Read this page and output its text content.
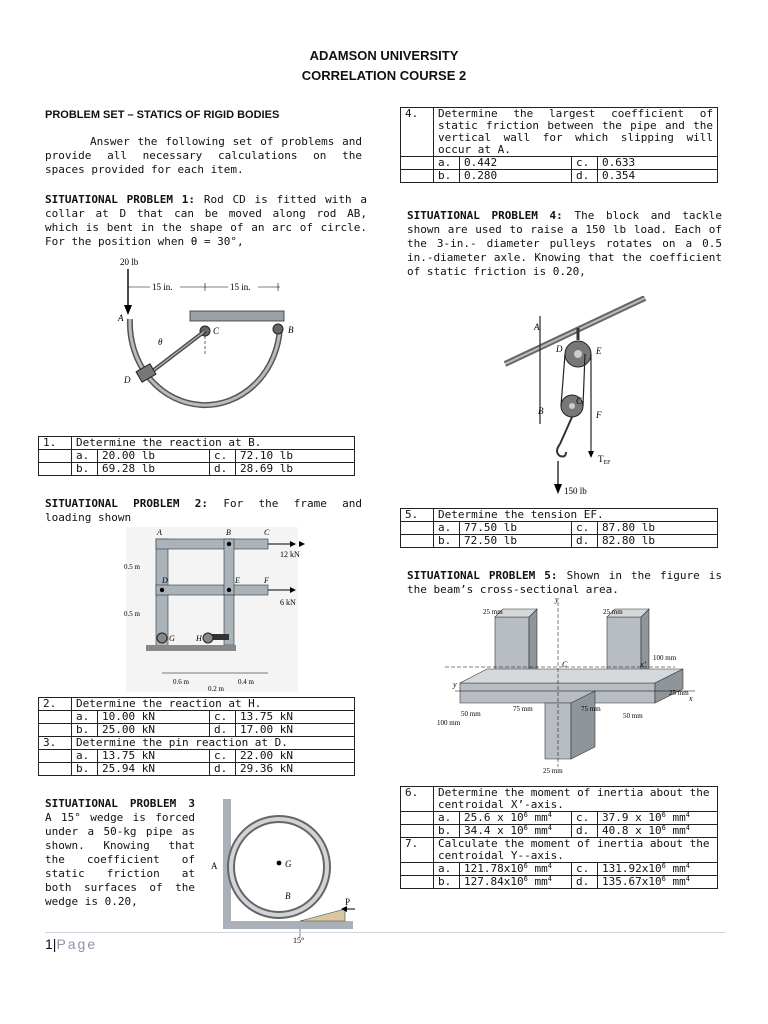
ADAMSON UNIVERSITY
CORRELATION COURSE 2
PROBLEM SET – STATICS OF RIGID BODIES
Answer the following set of problems and provide all necessary calculations on the spaces provided for each item.
SITUATIONAL PROBLEM 1: Rod CD is fitted with a collar at D that can be moved along rod AB, which is bent in the shape of an arc of circle. For the position when θ = 30°,
20 lb
15 in.	15 in.
A
B
C
D
θ
1.	Determine the reaction at B.			
	a.	20.00 lb	c.	72.10 lb
	b.	69.28 lb	d.	28.69 lb
SITUATIONAL PROBLEM 2: For the frame and loading shown
A	B	C
D	E	F
G	H
12 kN
6 kN
0.5 m
0.5 m
0.6 m
0.2 m
0.4 m
2.	Determine the reaction at H.			
	a.	10.00 kN	c.	13.75 kN
	b.	25.00 kN	d.	17.00 kN
3.	Determine the pin reaction at D.			
	a.	13.75 kN	c.	22.00 kN
	b.	25.94 kN	d.	29.36 kN
SITUATIONAL PROBLEM 3 A 15° wedge is forced under a 50-kg pipe as shown. Knowing that the coefficient of static friction at both surfaces of the wedge is 0.20,
A	G
B
P
15°
4.	Determine the largest coefficient of static friction between the pipe and the vertical wall for which slipping will occur at A.			
	a.	0.442	c.	0.633
	b.	0.280	d.	0.354
SITUATIONAL PROBLEM 4: The block and tackle shown are used to raise a 150 lb load. Each of the 3-in.- diameter pulleys rotates on a 0.5 in.-diameter axle. Knowing that the coefficient of static friction is 0.20,
A
D	E
C
B	F
$T_{EF}$
150 lb
5.	Determine the tension EF.			
	a.	77.50 lb	c.	87.80 lb
	b.	72.50 lb	d.	82.80 lb
SITUATIONAL PROBLEM 5: Shown in the figure is the beam’s cross-sectional area.
C
y
x’
x
y
25 mm	25 mm
100 mm
25 mm
50 mm
75 mm	75 mm
50 mm
100 mm
25 mm
6.	Determine the moment of inertia about the centroidal X’-axis.			
	a.	25.6 x $10^6$ $mm^4$	c.	37.9 x $10^6$ $mm^4$
	b.	34.4 x $10^6$ $mm^4$	d.	40.8 x $10^6$ $mm^4$
7.	Calculate the moment of inertia about the centroidal Y--axis.			
	a.	$121.78x10^6$ $mm^4$	c.	$131.92x10^6$ $mm^4$
	b.	$127.84x10^6$ $mm^4$	d.	$135.67x10^6$ $mm^4$
1|Page
